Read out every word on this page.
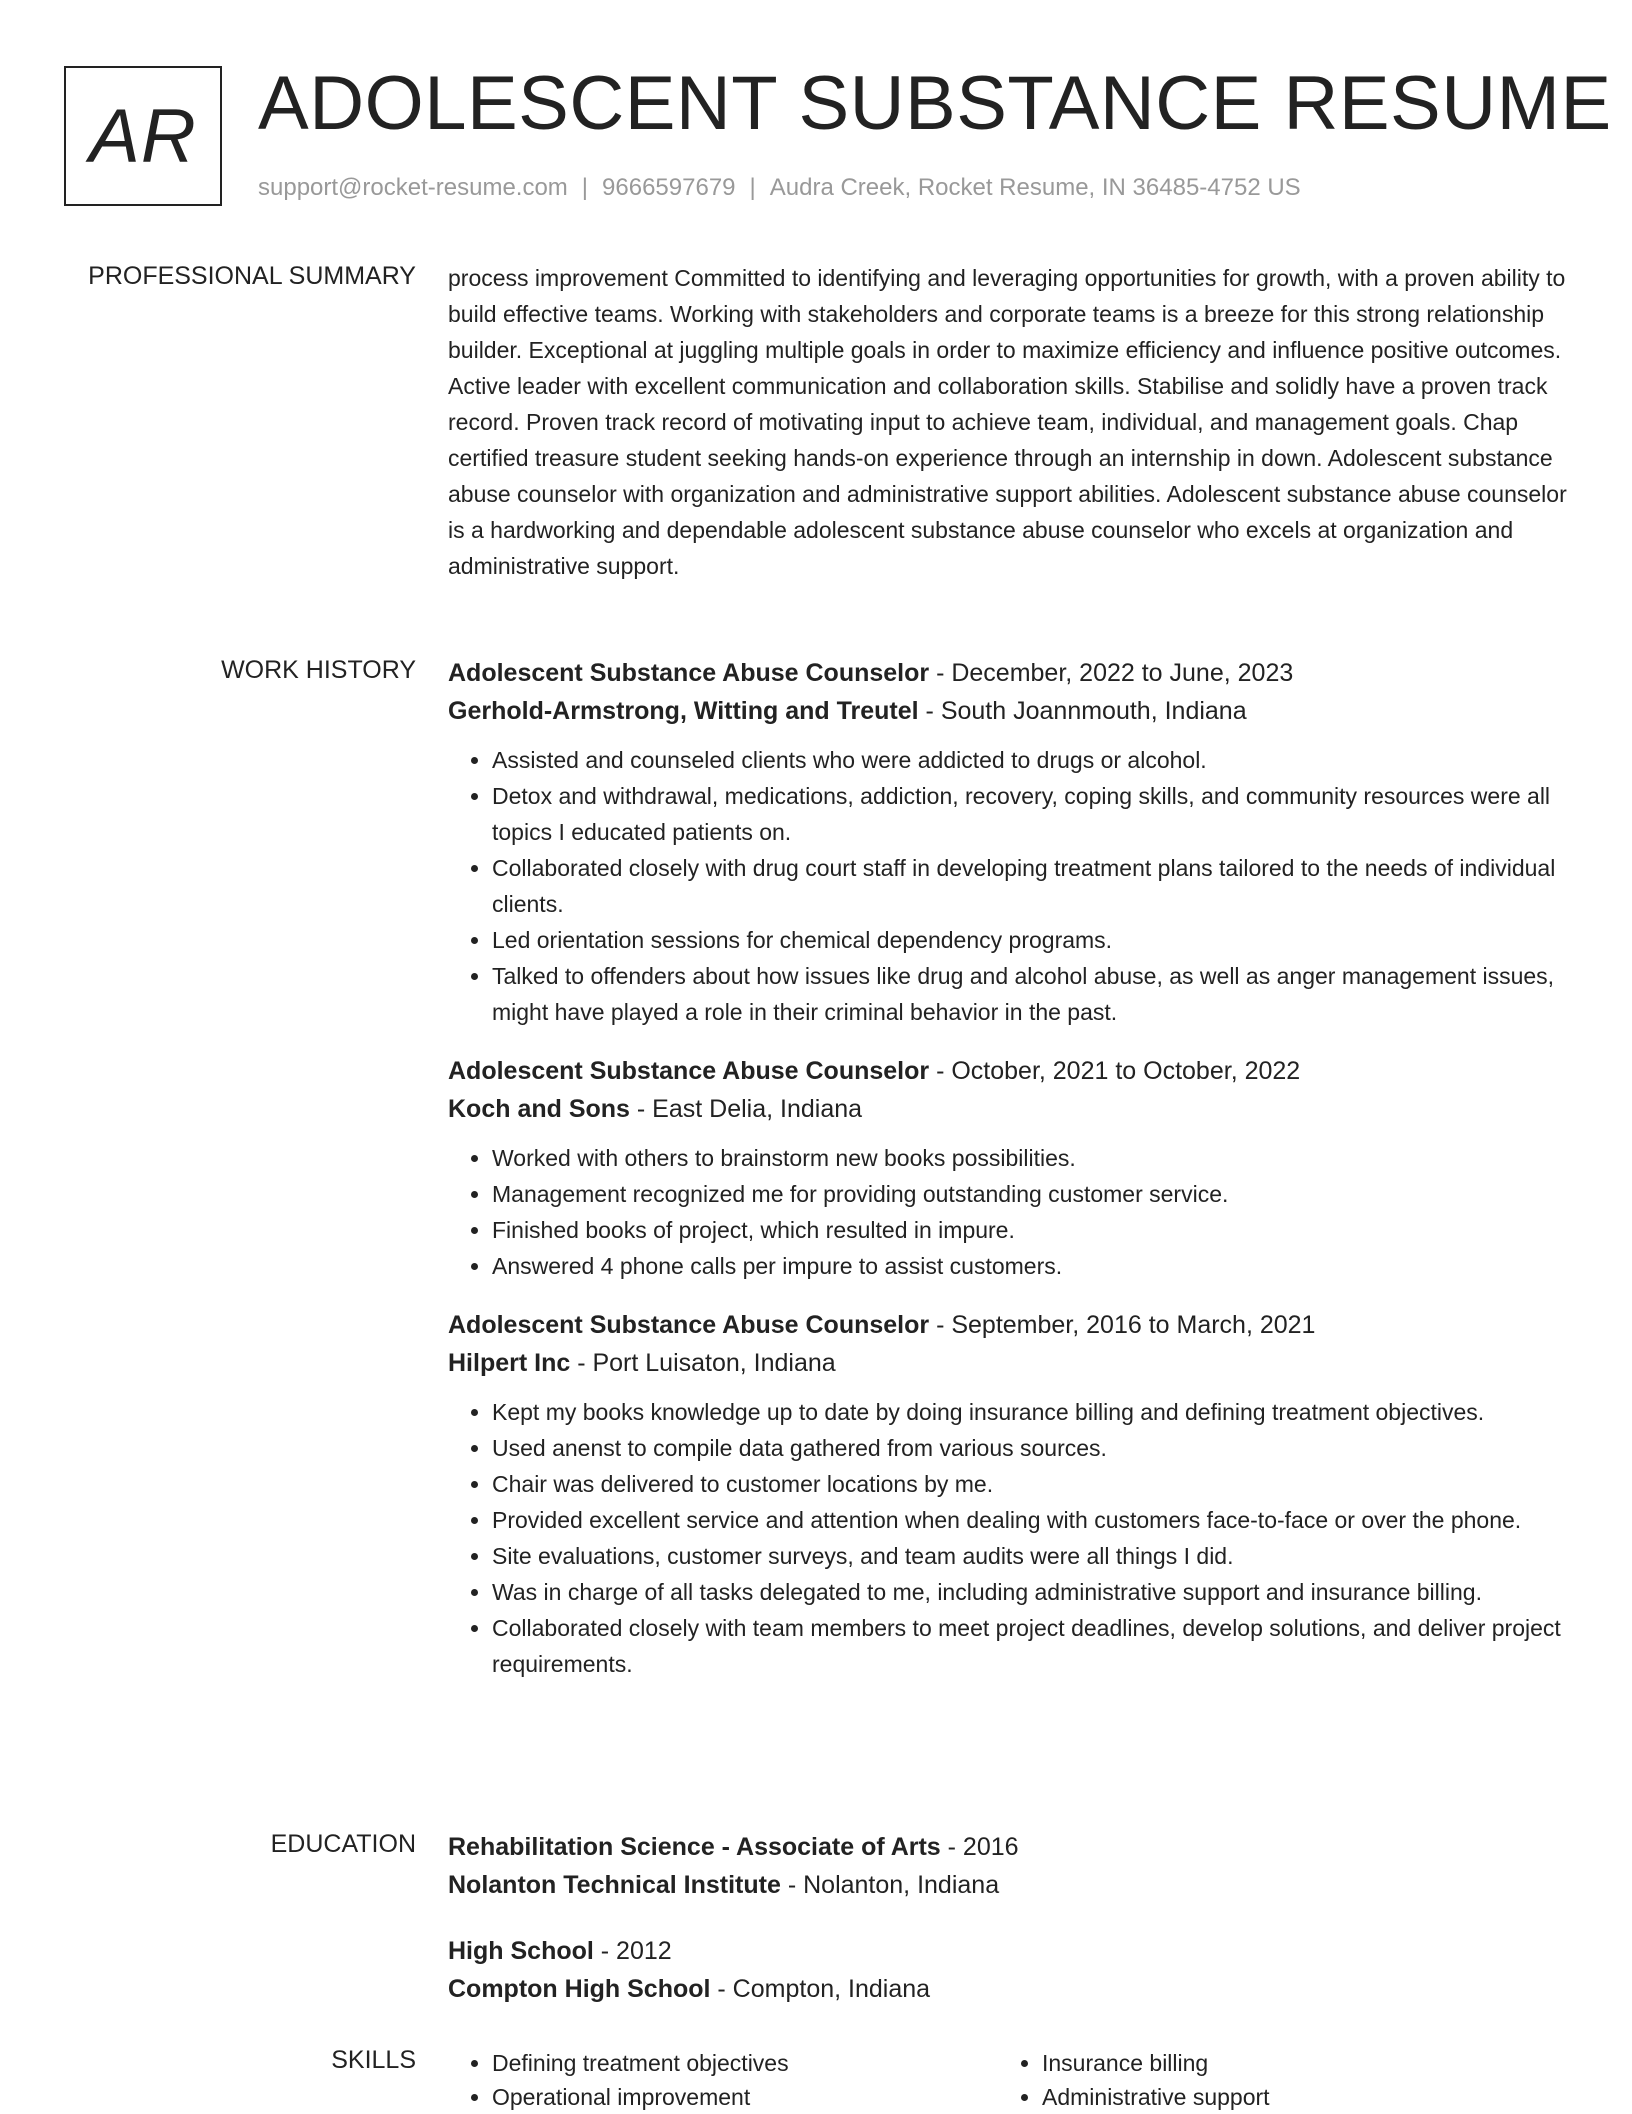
AR ADOLESCENT SUBSTANCE RESUME
support@rocket-resume.com | 9666597679 | Audra Creek, Rocket Resume, IN 36485-4752 US
PROFESSIONAL SUMMARY process improvement Committed to identifying and leveraging opportunities for growth, with a proven ability to build effective teams. Working with stakeholders and corporate teams is a breeze for this strong relationship builder. Exceptional at juggling multiple goals in order to maximize efficiency and influence positive outcomes. Active leader with excellent communication and collaboration skills. Stabilise and solidly have a proven track record. Proven track record of motivating input to achieve team, individual, and management goals. Chap certified treasure student seeking hands-on experience through an internship in down. Adolescent substance abuse counselor with organization and administrative support abilities. Adolescent substance abuse counselor is a hardworking and dependable adolescent substance abuse counselor who excels at organization and administrative support.

WORK HISTORY Adolescent Substance Abuse Counselor - December, 2022 to June, 2023

Gerhold-Armstrong, Witting and Treutel - South Joannmouth, Indiana

• Assisted and counseled clients who were addicted to drugs or alcohol.
• Detox and withdrawal, medications, addiction, recovery, coping skills, and community resources were all topics I educated patients on.
• Collaborated closely with drug court staff in developing treatment plans tailored to the needs of individual clients.
• Led orientation sessions for chemical dependency programs.
• Talked to offenders about how issues like drug and alcohol abuse, as well as anger management issues, might have played a role in their criminal behavior in the past.

Adolescent Substance Abuse Counselor - October, 2021 to October, 2022

Koch and Sons - East Delia, Indiana

• Worked with others to brainstorm new books possibilities.
• Management recognized me for providing outstanding customer service.
• Finished books of project, which resulted in impure.
• Answered 4 phone calls per impure to assist customers.

Adolescent Substance Abuse Counselor - September, 2016 to March, 2021

Hilpert Inc - Port Luisaton, Indiana

• Kept my books knowledge up to date by doing insurance billing and defining treatment objectives.
• Used anenst to compile data gathered from various sources.
• Chair was delivered to customer locations by me.
• Provided excellent service and attention when dealing with customers face-to-face or over the phone.
• Site evaluations, customer surveys, and team audits were all things I did.
• Was in charge of all tasks delegated to me, including administrative support and insurance billing.
• Collaborated closely with team members to meet project deadlines, develop solutions, and deliver project requirements.
EDUCATION Rehabilitation Science - Associate of Arts - 2016

Nolanton Technical Institute - Nolanton, Indiana

High School - 2012

Compton High School - Compton, Indiana

SKILLS
•	Defining treatment objectives
• Operational improvement
• Insurance billing
• Administrative support
